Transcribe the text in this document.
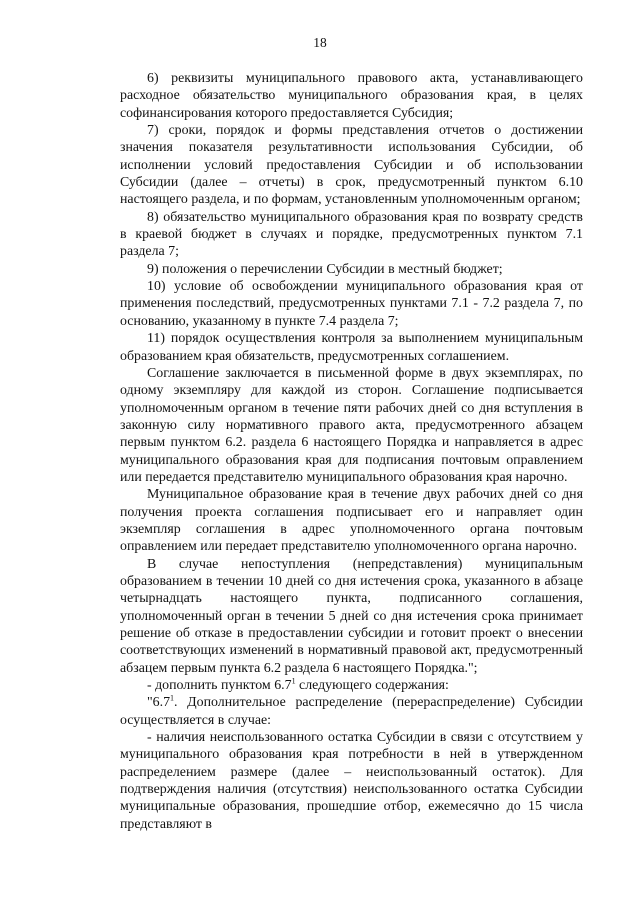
18

6) реквизиты муниципального правового акта, устанавливающего расходное обязательство муниципального образования края, в целях софинансирования которого предоставляется Субсидия;

7) сроки, порядок и формы представления отчетов о достижении значения показателя результативности использования Субсидии, об исполнении условий предоставления Субсидии и об использовании Субсидии (далее – отчеты) в срок, предусмотренный пунктом 6.10 настоящего раздела, и по формам, установленным уполномоченным органом;

8) обязательство муниципального образования края по возврату средств в краевой бюджет в случаях и порядке, предусмотренных пунктом 7.1 раздела 7;

9) положения о перечислении Субсидии в местный бюджет;

10) условие об освобождении муниципального образования края от применения последствий, предусмотренных пунктами 7.1 - 7.2 раздела 7, по основанию, указанному в пункте 7.4 раздела 7;

11) порядок осуществления контроля за выполнением муниципальным образованием края обязательств, предусмотренных соглашением.

Соглашение заключается в письменной форме в двух экземплярах, по одному экземпляру для каждой из сторон. Соглашение подписывается уполномоченным органом в течение пяти рабочих дней со дня вступления в законную силу нормативного правого акта, предусмотренного абзацем первым пунктом 6.2. раздела 6 настоящего Порядка и направляется в адрес муниципального образования края для подписания почтовым оправлением или передается представителю муниципального образования края нарочно.

Муниципальное образование края в течение двух рабочих дней со дня получения проекта соглашения подписывает его и направляет один экземпляр соглашения в адрес уполномоченного органа почтовым оправлением или передает представителю уполномоченного органа нарочно.

В случае непоступления (непредставления) муниципальным образованием в течении 10 дней со дня истечения срока, указанного в абзаце четырнадцать настоящего пункта, подписанного соглашения, уполномоченный орган в течении 5 дней со дня истечения срока принимает решение об отказе в предоставлении субсидии и готовит проект о внесении соответствующих изменений в нормативный правовой акт, предусмотренный абзацем первым пункта 6.2 раздела 6 настоящего Порядка.";

- дополнить пунктом $6.7^1$ следующего содержания:

"$6.7^1$. Дополнительное распределение (перераспределение) Субсидии осуществляется в случае:

- наличия неиспользованного остатка Субсидии в связи с отсутствием у муниципального образования края потребности в ней в утвержденном распределением размере (далее – неиспользованный остаток). Для подтверждения наличия (отсутствия) неиспользованного остатка Субсидии муниципальные образования, прошедшие отбор, ежемесячно до 15 числа представляют в
